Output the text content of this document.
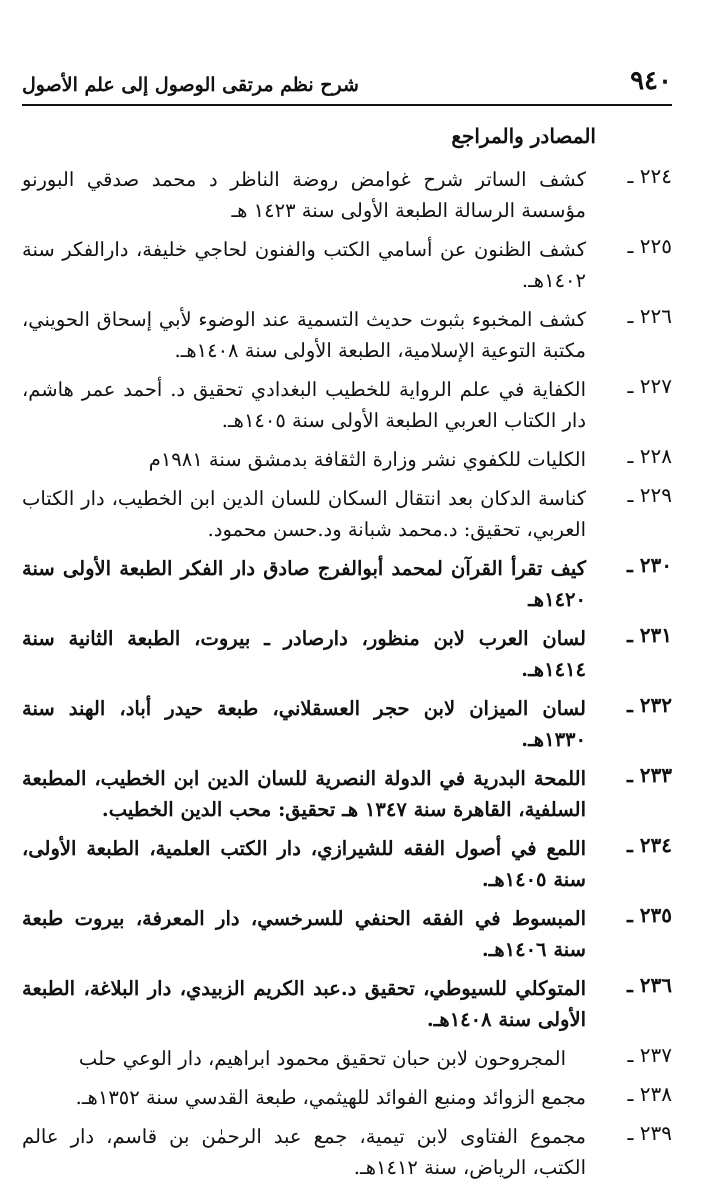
٩٤٠
شرح نظم مرتقى الوصول إلى علم الأصول
المصادر والمراجع
٢٢٤ ـ
كشف الساتر شرح غوامض روضة الناظر د محمد صدقي البورنو مؤسسة الرسالة الطبعة الأولى سنة ١٤٢٣ هـ
٢٢٥ ـ
كشف الظنون عن أسامي الكتب والفنون لحاجي خليفة، دارالفكر سنة ١٤٠٢هـ.
٢٢٦ ـ
كشف المخبوء بثبوت حديث التسمية عند الوضوء لأبي إسحاق الحويني، مكتبة التوعية الإسلامية، الطبعة الأولى سنة ١٤٠٨هـ.
٢٢٧ ـ
الكفاية في علم الرواية للخطيب البغدادي تحقيق د. أحمد عمر هاشم، دار الكتاب العربي الطبعة الأولى سنة ١٤٠٥هـ.
٢٢٨ ـ
الكليات للكفوي نشر وزارة الثقافة بدمشق سنة ١٩٨١م
٢٢٩ ـ
كناسة الدكان بعد انتقال السكان للسان الدين ابن الخطيب، دار الكتاب العربي، تحقيق: د.محمد شبانة ود.حسن محمود.
٢٣٠ ـ
كيف تقرأ القرآن لمحمد أبوالفرج صادق دار الفكر الطبعة الأولى سنة ١٤٢٠هـ
٢٣١ ـ
لسان العرب لابن منظور، دارصادر ـ بيروت، الطبعة الثانية سنة ١٤١٤هـ.
٢٣٢ ـ
لسان الميزان لابن حجر العسقلاني، طبعة حيدر أباد، الهند سنة ١٣٣٠هـ.
٢٣٣ ـ
اللمحة البدرية في الدولة النصرية للسان الدين ابن الخطيب، المطبعة السلفية، القاهرة سنة ١٣٤٧ هـ تحقيق: محب الدين الخطيب.
٢٣٤ ـ
اللمع في أصول الفقه للشيرازي، دار الكتب العلمية، الطبعة الأولى، سنة ١٤٠٥هـ.
٢٣٥ ـ
المبسوط في الفقه الحنفي للسرخسي، دار المعرفة، بيروت طبعة سنة ١٤٠٦هـ.
٢٣٦ ـ
المتوكلي للسيوطي، تحقيق د.عبد الكريم الزبيدي، دار البلاغة، الطبعة الأولى سنة ١٤٠٨هـ.
٢٣٧ ـ
المجروحون لابن حبان تحقيق محمود ابراهيم، دار الوعي حلب
٢٣٨ ـ
مجمع الزوائد ومنبع الفوائد للهيثمي، طبعة القدسي سنة ١٣٥٢هـ.
٢٣٩ ـ
مجموع الفتاوى لابن تيمية، جمع عبد الرحمٰن بن قاسم، دار عالم الكتب، الرياض، سنة ١٤١٢هـ.
